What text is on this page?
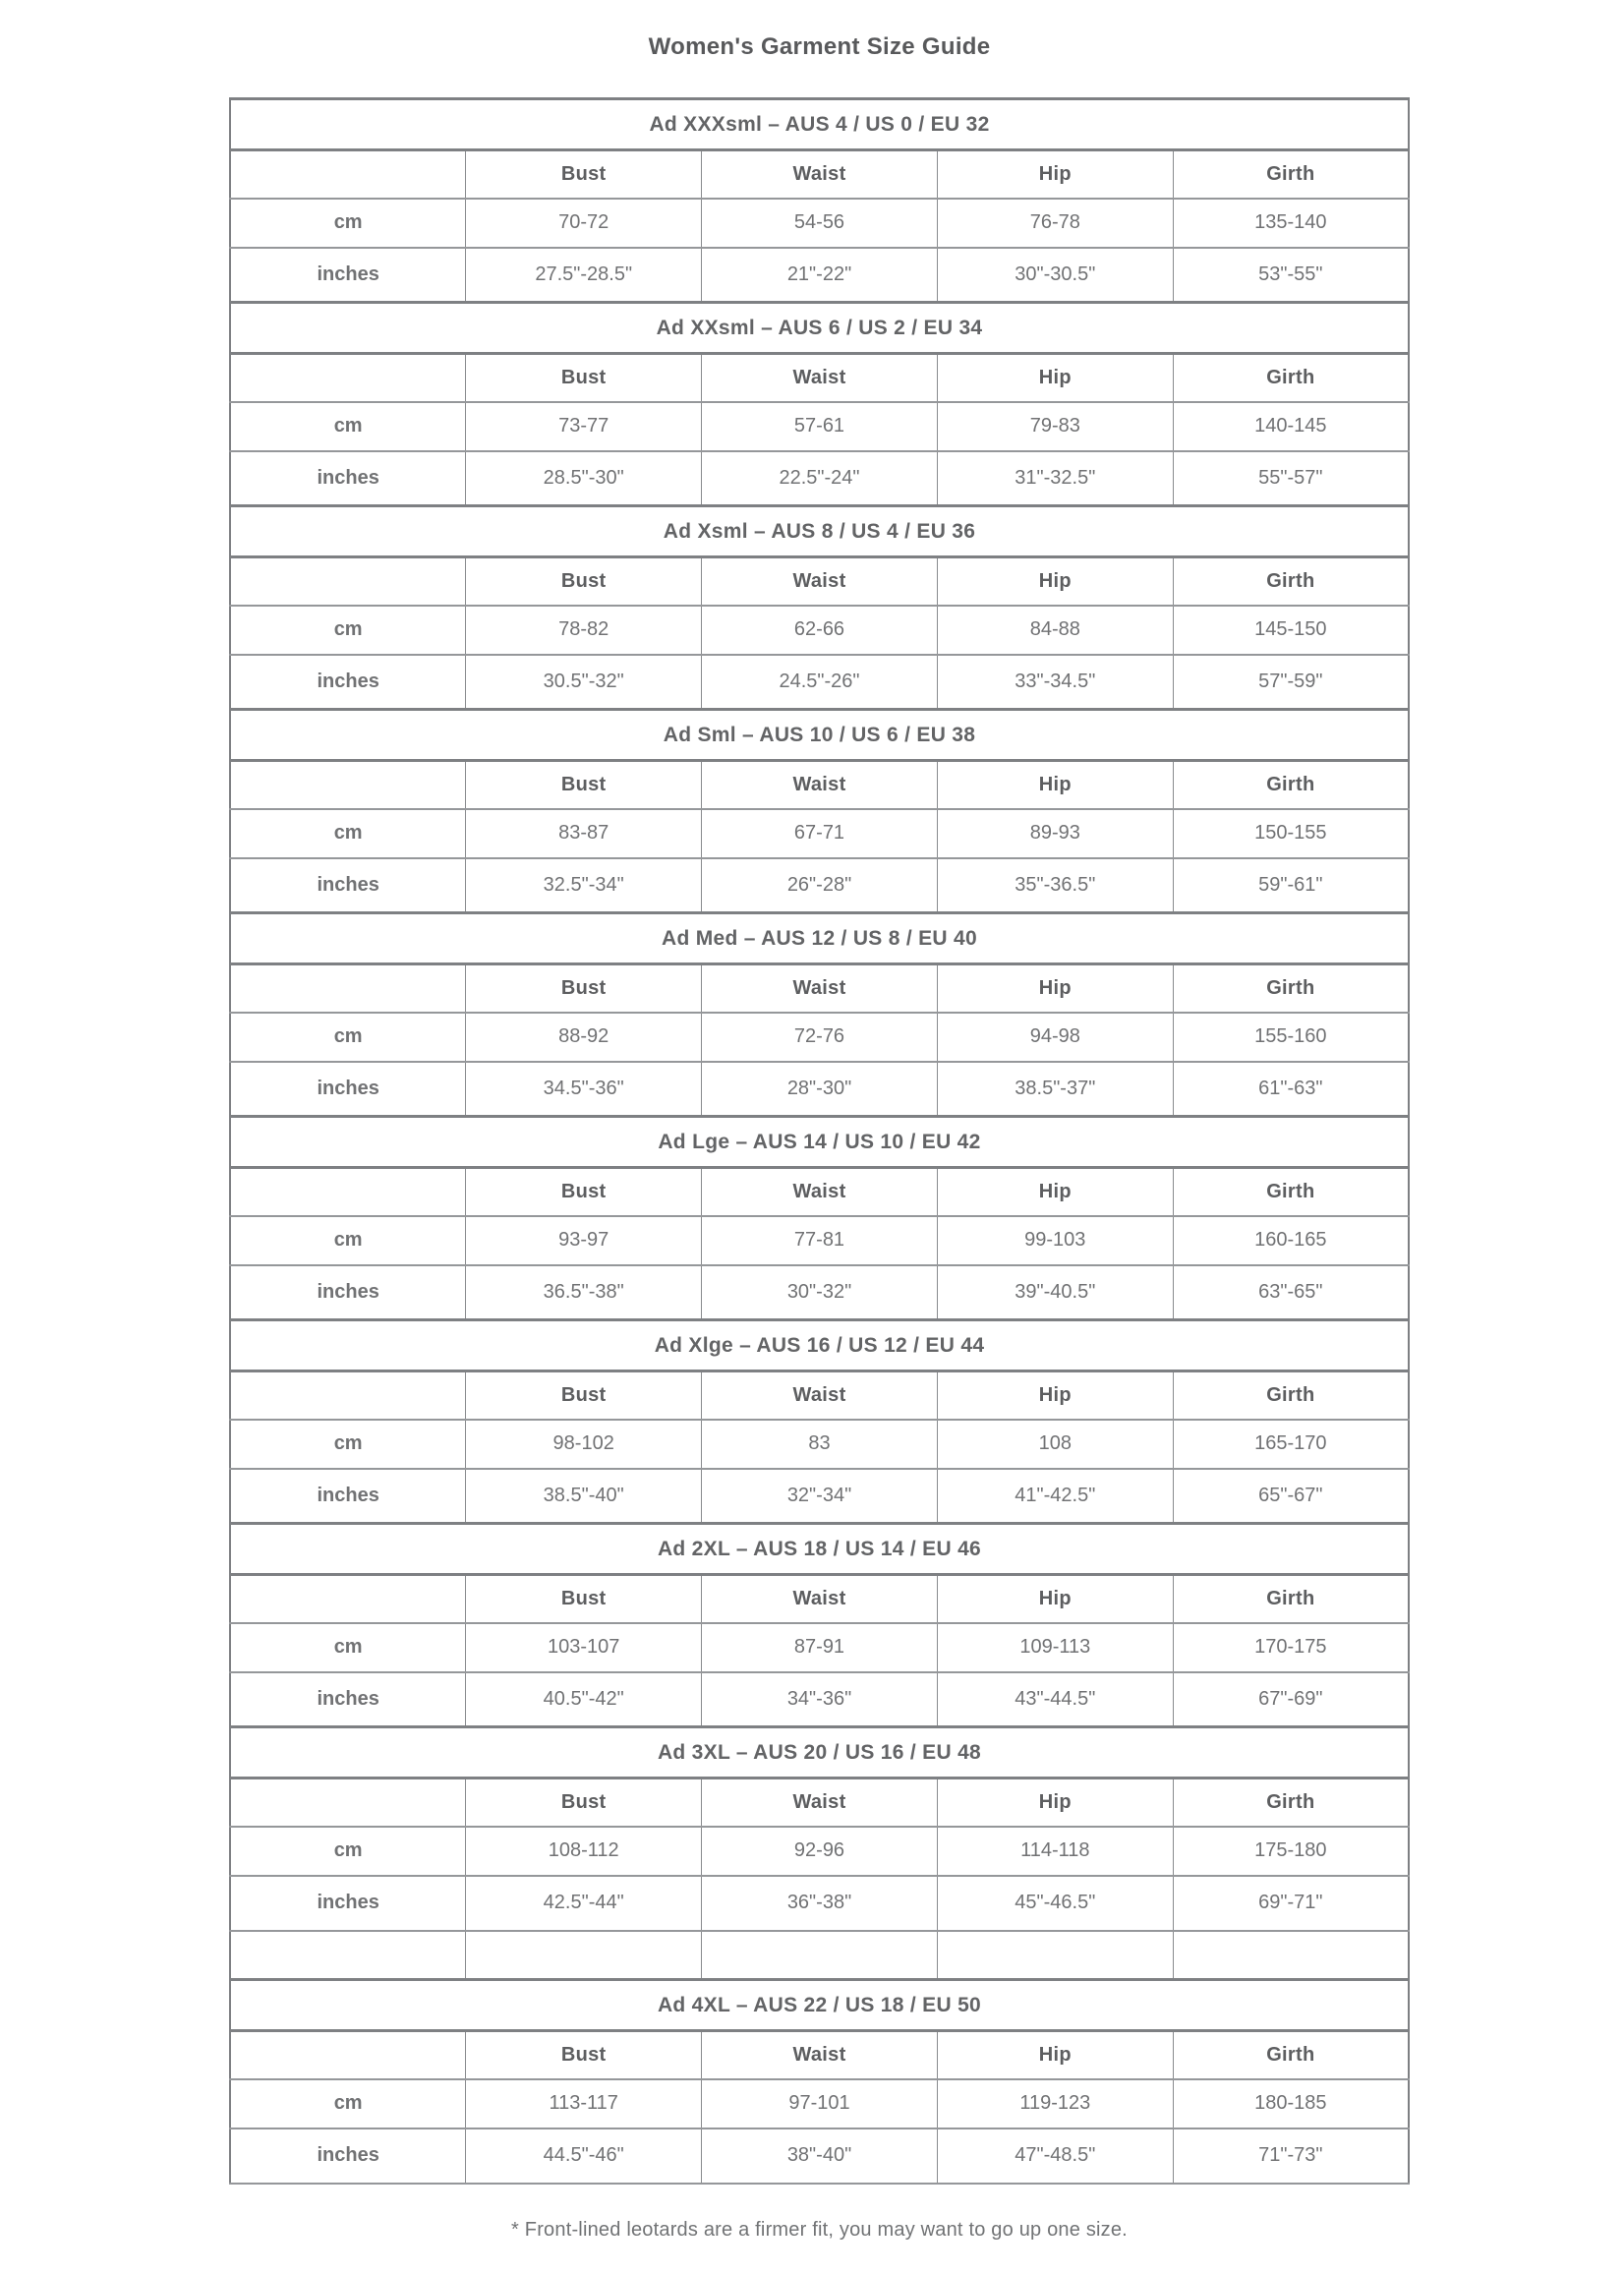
Women's Garment Size Guide
Ad XXXsml – AUS 4 / US 0 / EU 32				
	Bust	Waist	Hip	Girth
cm	70-72	54-56	76-78	135-140
inches	27.5"-28.5"	21"-22"	30"-30.5"	53"-55"
Ad XXsml – AUS 6 / US 2 / EU 34				
	Bust	Waist	Hip	Girth
cm	73-77	57-61	79-83	140-145
inches	28.5"-30"	22.5"-24"	31"-32.5"	55"-57"
Ad Xsml – AUS 8 / US 4 / EU 36				
	Bust	Waist	Hip	Girth
cm	78-82	62-66	84-88	145-150
inches	30.5"-32"	24.5"-26"	33"-34.5"	57"-59"
Ad Sml – AUS 10 / US 6 / EU 38				
	Bust	Waist	Hip	Girth
cm	83-87	67-71	89-93	150-155
inches	32.5"-34"	26"-28"	35"-36.5"	59"-61"
Ad Med – AUS 12 / US 8 / EU 40				
	Bust	Waist	Hip	Girth
cm	88-92	72-76	94-98	155-160
inches	34.5"-36"	28"-30"	38.5"-37"	61"-63"
Ad Lge – AUS 14 / US 10 / EU 42				
	Bust	Waist	Hip	Girth
cm	93-97	77-81	99-103	160-165
inches	36.5"-38"	30"-32"	39"-40.5"	63"-65"
Ad Xlge – AUS 16 / US 12 / EU 44				
	Bust	Waist	Hip	Girth
cm	98-102	83	108	165-170
inches	38.5"-40"	32"-34"	41"-42.5"	65"-67"
Ad 2XL – AUS 18 / US 14 / EU 46				
	Bust	Waist	Hip	Girth
cm	103-107	87-91	109-113	170-175
inches	40.5"-42"	34"-36"	43"-44.5"	67"-69"
Ad 3XL – AUS 20 / US 16 / EU 48				
	Bust	Waist	Hip	Girth
cm	108-112	92-96	114-118	175-180
inches	42.5"-44"	36"-38"	45"-46.5"	69"-71"

Ad 4XL – AUS 22 / US 18 / EU 50				
	Bust	Waist	Hip	Girth
cm	113-117	97-101	119-123	180-185
inches	44.5"-46"	38"-40"	47"-48.5"	71"-73"

* Front-lined leotards are a firmer fit, you may want to go up one size.
